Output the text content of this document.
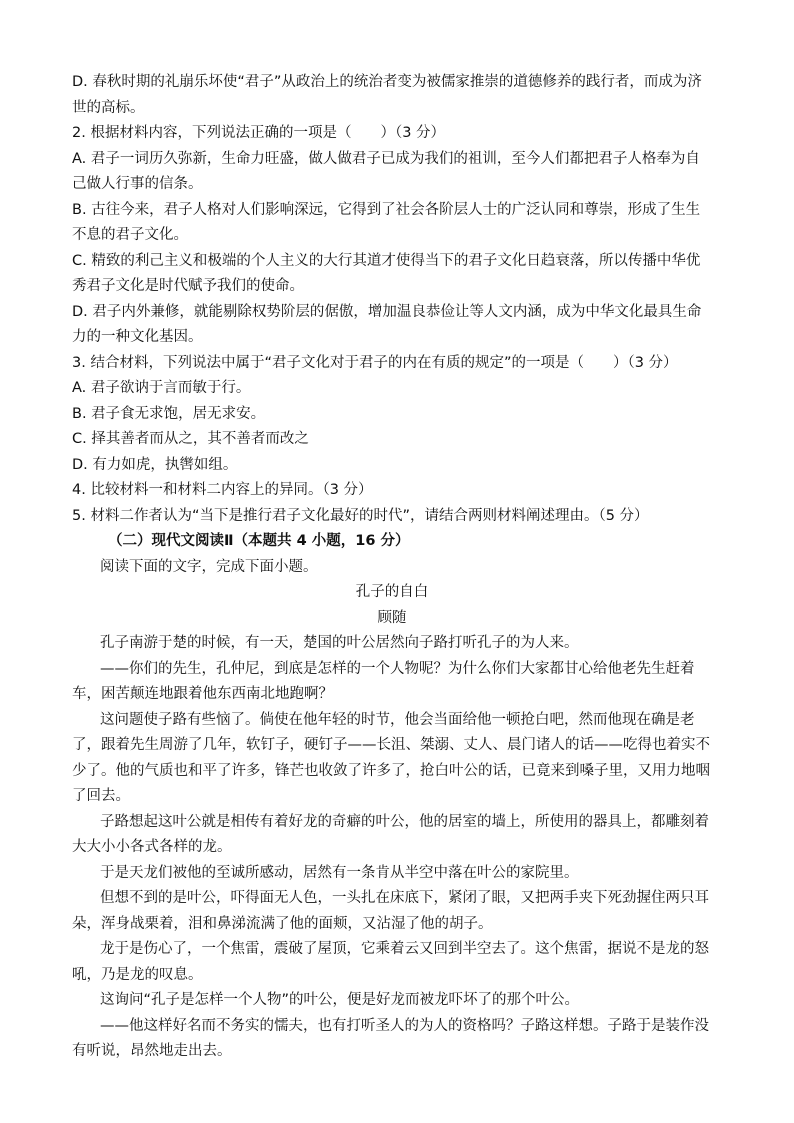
D. 春秋时期的礼崩乐坏使“君子”从政治上的统治者变为被儒家推崇的道德修养的践行者，而成为济世的高标。

2. 根据材料内容，下列说法正确的一项是（　　）（3 分）

A. 君子一词历久弥新，生命力旺盛，做人做君子已成为我们的祖训，至今人们都把君子人格奉为自己做人行事的信条。

B. 古往今来，君子人格对人们影响深远，它得到了社会各阶层人士的广泛认同和尊崇，形成了生生不息的君子文化。

C. 精致的利己主义和极端的个人主义的大行其道才使得当下的君子文化日趋衰落，所以传播中华优秀君子文化是时代赋予我们的使命。

D. 君子内外兼修，就能剔除权势阶层的倨傲，增加温良恭俭让等人文内涵，成为中华文化最具生命力的一种文化基因。

3. 结合材料，下列说法中属于“君子文化对于君子的内在有质的规定”的一项是（　　）（3 分）

A. 君子欲讷于言而敏于行。

B. 君子食无求饱，居无求安。

C. 择其善者而从之，其不善者而改之

D. 有力如虎，执辔如组。

4. 比较材料一和材料二内容上的异同。（3 分）

5. 材料二作者认为“当下是推行君子文化最好的时代”，请结合两则材料阐述理由。（5 分）

（二）现代文阅读Ⅱ（本题共 4 小题，16 分）

阅读下面的文字，完成下面小题。

孔子的自白

顾随

孔子南游于楚的时候，有一天，楚国的叶公居然向子路打听孔子的为人来。

——你们的先生，孔仲尼，到底是怎样的一个人物呢？为什么你们大家都甘心给他老先生赶着车，困苦颠连地跟着他东西南北地跑啊？

这问题使子路有些恼了。倘使在他年轻的时节，他会当面给他一顿抢白吧，然而他现在确是老了，跟着先生周游了几年，软钉子，硬钉子——长沮、桀溺、丈人、晨门诸人的话——吃得也着实不少了。他的气质也和平了许多，锋芒也收敛了许多了，抢白叶公的话，已竟来到嗓子里，又用力地咽了回去。

子路想起这叶公就是相传有着好龙的奇癖的叶公，他的居室的墙上，所使用的器具上，都雕刻着大大小小各式各样的龙。

于是天龙们被他的至诚所感动，居然有一条肯从半空中落在叶公的家院里。

但想不到的是叶公，吓得面无人色，一头扎在床底下，紧闭了眼，又把两手夹下死劲握住两只耳朵，浑身战栗着，泪和鼻涕流满了他的面颊，又沾湿了他的胡子。

龙于是伤心了，一个焦雷，震破了屋顶，它乘着云又回到半空去了。这个焦雷，据说不是龙的怒吼，乃是龙的叹息。

这询问“孔子是怎样一个人物”的叶公，便是好龙而被龙吓坏了的那个叶公。

——他这样好名而不务实的懦夫，也有打听圣人的为人的资格吗？子路这样想。子路于是装作没有听说，昂然地走出去。
